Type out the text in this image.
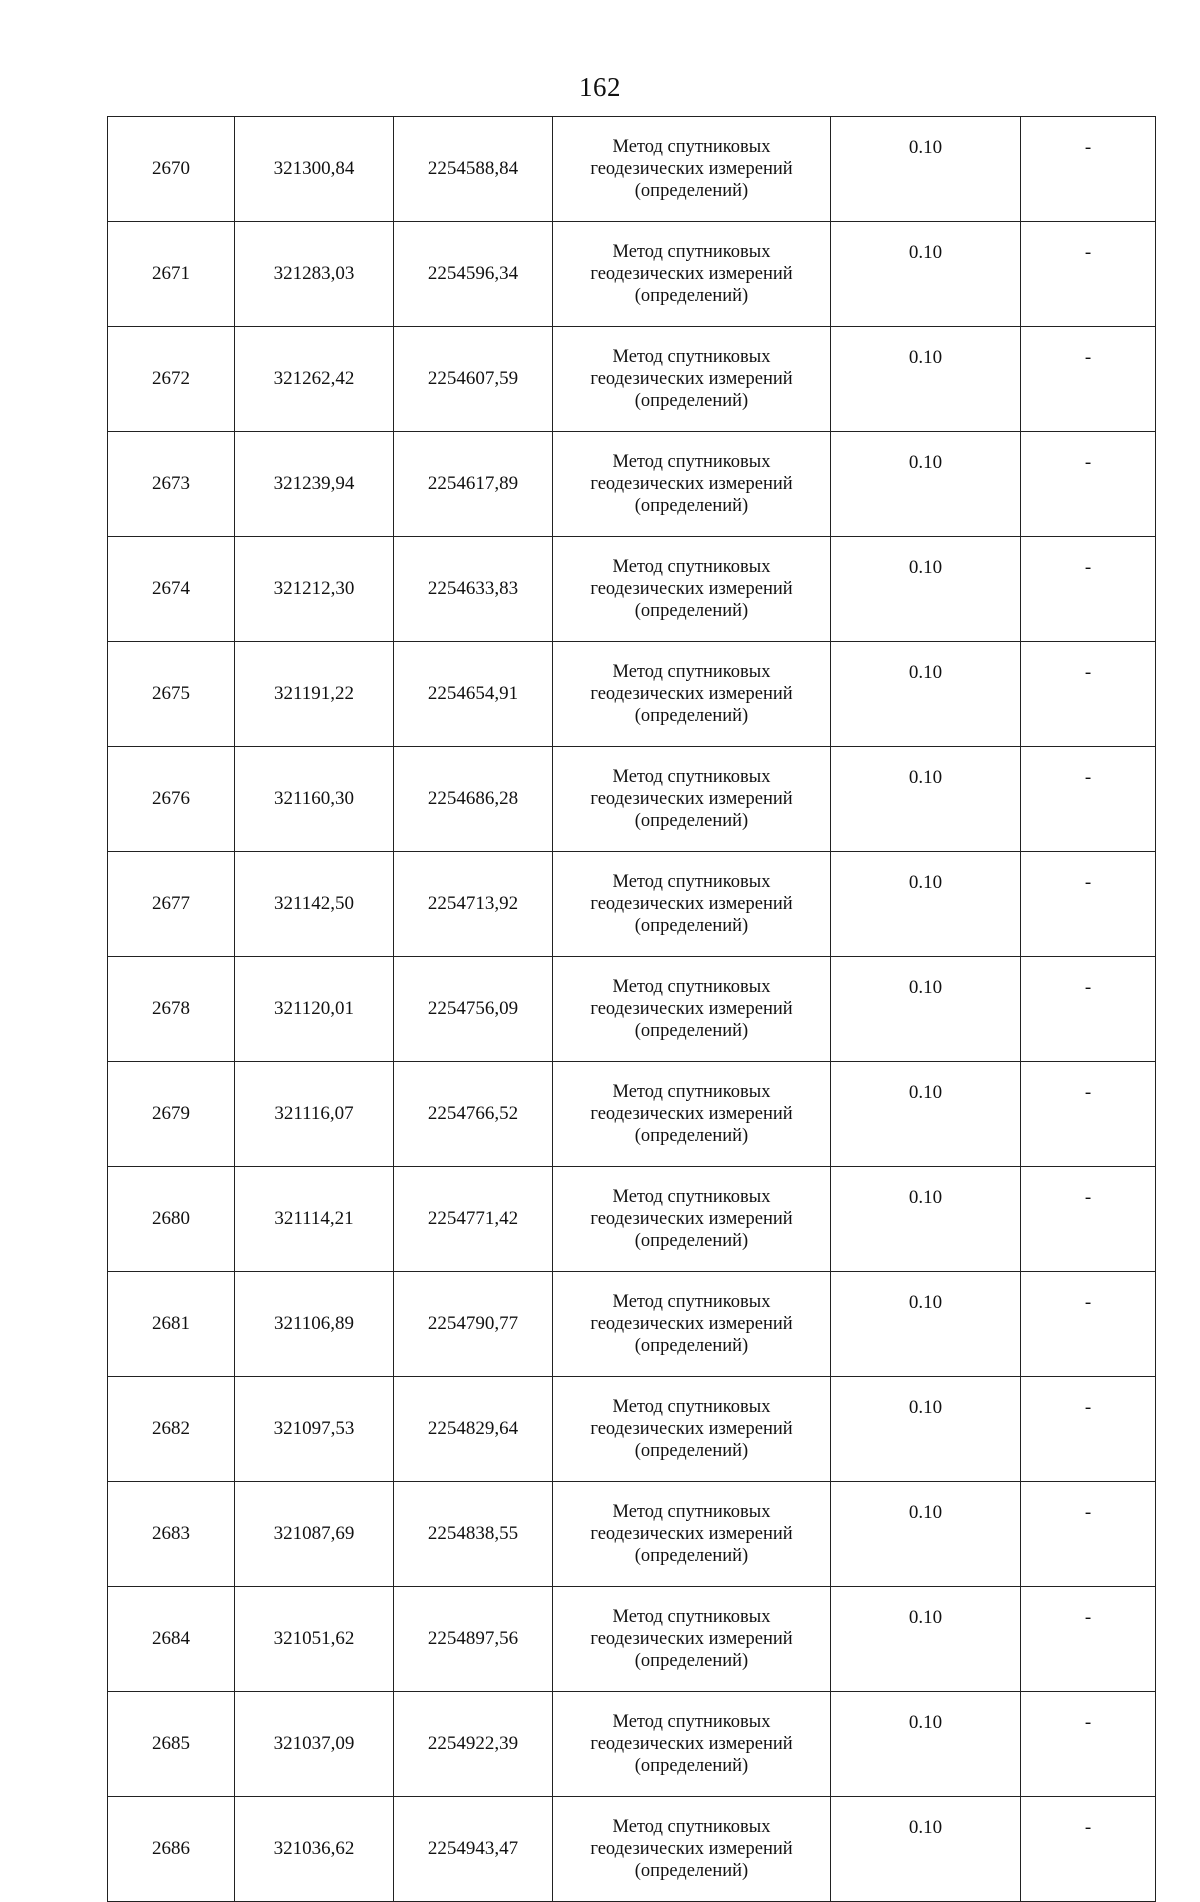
162
2670	321300,84	2254588,84	Метод спутниковых
геодезических измерений
(определений)	0.10	-
2671	321283,03	2254596,34	Метод спутниковых
геодезических измерений
(определений)	0.10	-
2672	321262,42	2254607,59	Метод спутниковых
геодезических измерений
(определений)	0.10	-
2673	321239,94	2254617,89	Метод спутниковых
геодезических измерений
(определений)	0.10	-
2674	321212,30	2254633,83	Метод спутниковых
геодезических измерений
(определений)	0.10	-
2675	321191,22	2254654,91	Метод спутниковых
геодезических измерений
(определений)	0.10	-
2676	321160,30	2254686,28	Метод спутниковых
геодезических измерений
(определений)	0.10	-
2677	321142,50	2254713,92	Метод спутниковых
геодезических измерений
(определений)	0.10	-
2678	321120,01	2254756,09	Метод спутниковых
геодезических измерений
(определений)	0.10	-
2679	321116,07	2254766,52	Метод спутниковых
геодезических измерений
(определений)	0.10	-
2680	321114,21	2254771,42	Метод спутниковых
геодезических измерений
(определений)	0.10	-
2681	321106,89	2254790,77	Метод спутниковых
геодезических измерений
(определений)	0.10	-
2682	321097,53	2254829,64	Метод спутниковых
геодезических измерений
(определений)	0.10	-
2683	321087,69	2254838,55	Метод спутниковых
геодезических измерений
(определений)	0.10	-
2684	321051,62	2254897,56	Метод спутниковых
геодезических измерений
(определений)	0.10	-
2685	321037,09	2254922,39	Метод спутниковых
геодезических измерений
(определений)	0.10	-
2686	321036,62	2254943,47	Метод спутниковых
геодезических измерений
(определений)	0.10	-
